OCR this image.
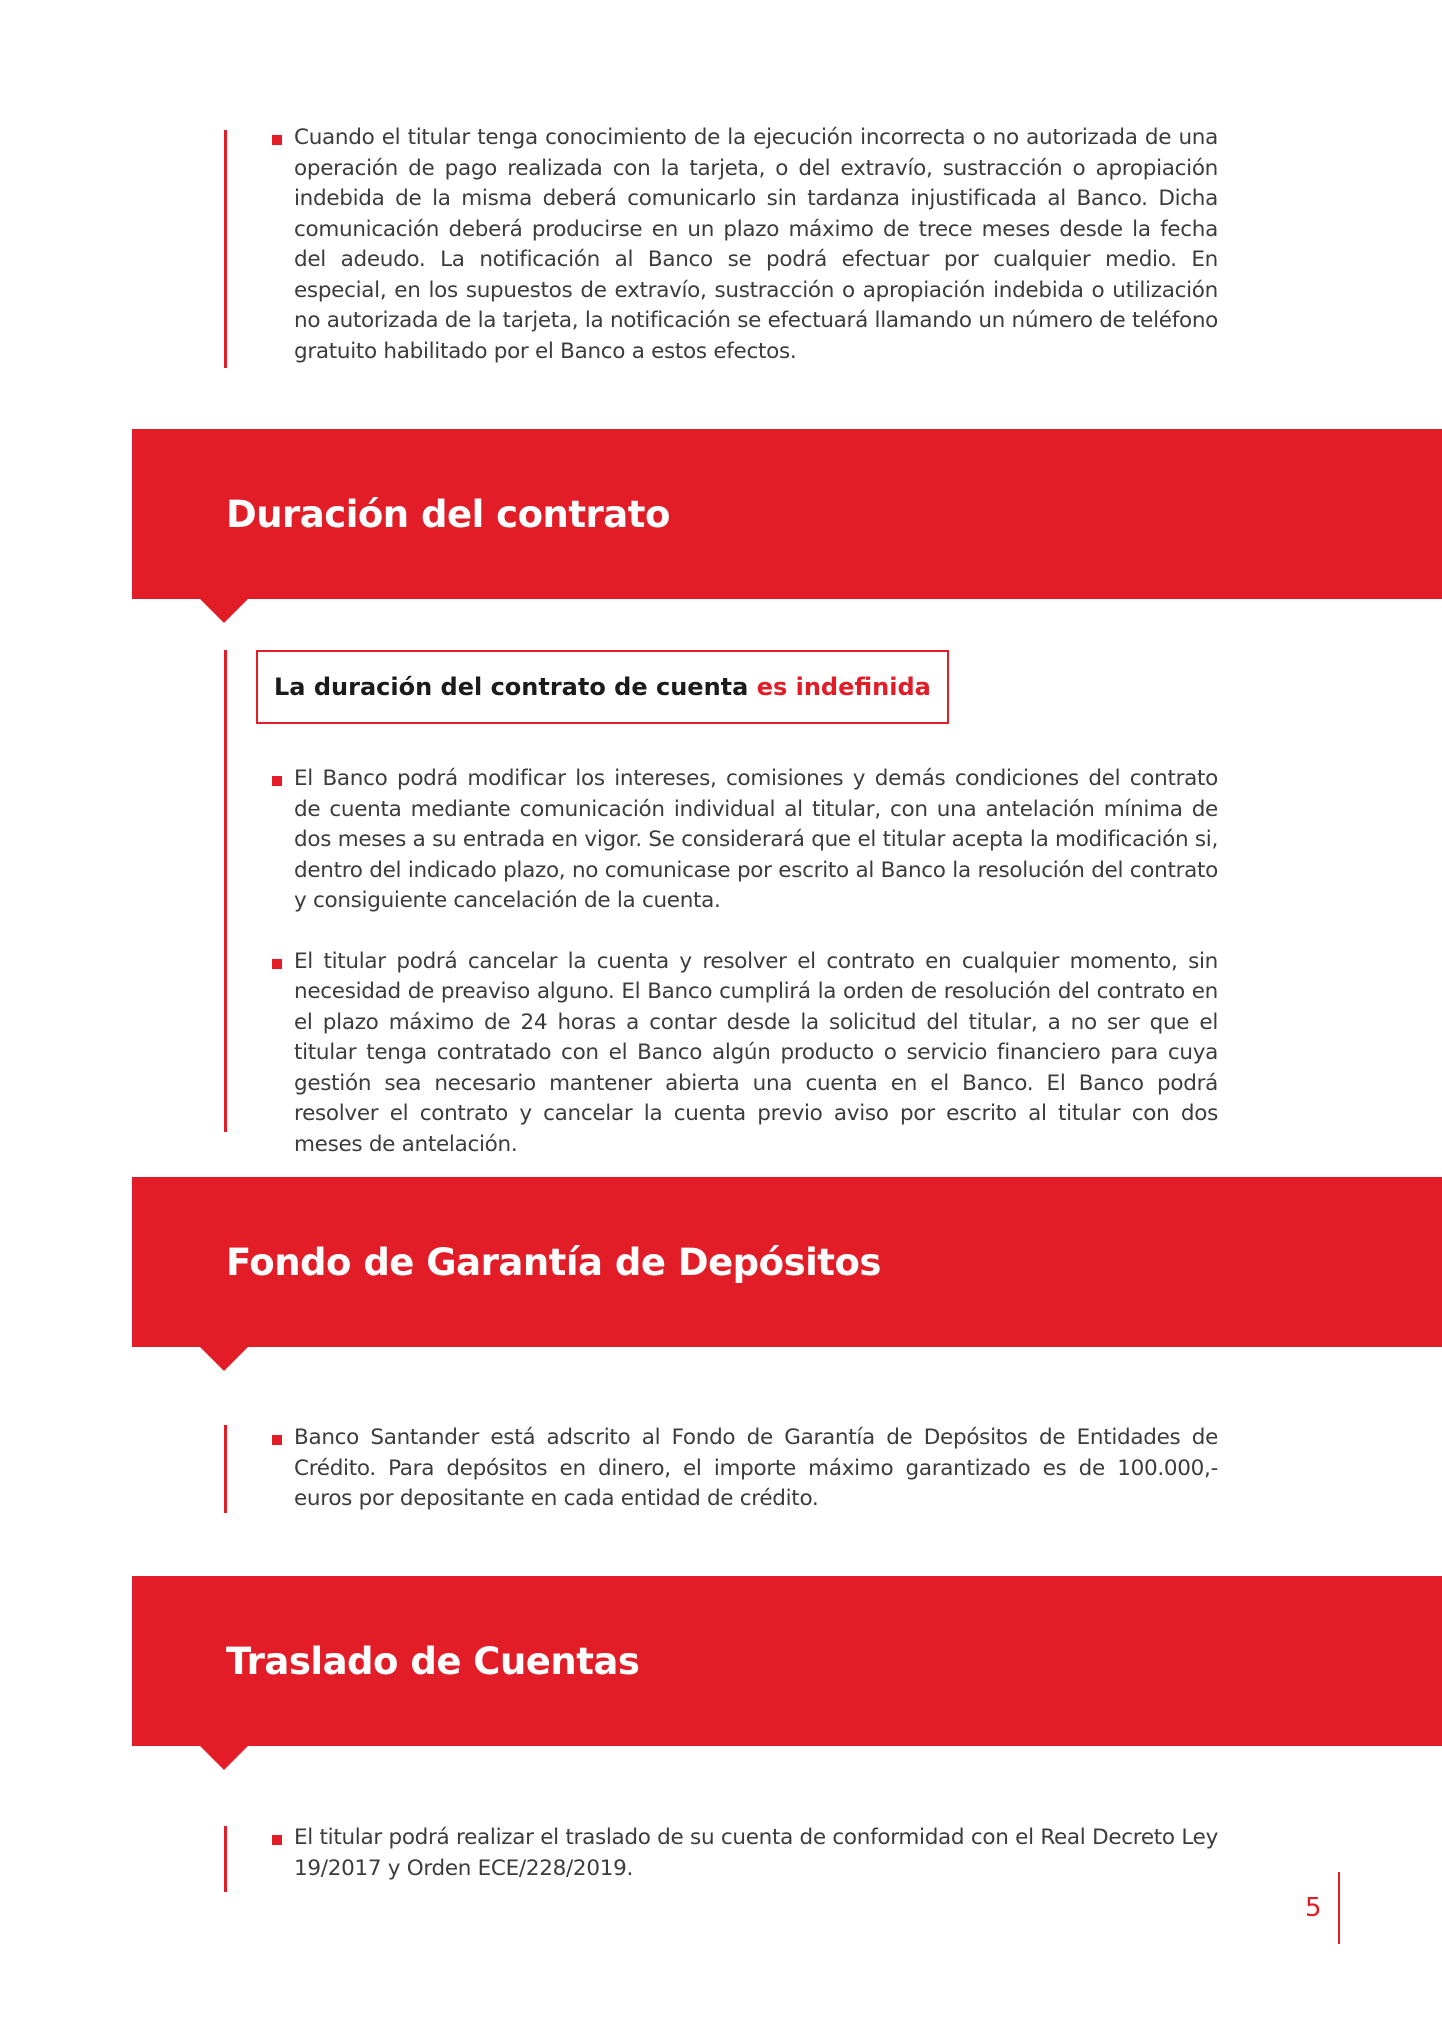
Cuando el titular tenga conocimiento de la ejecución incorrecta o no autorizada de una operación de pago realizada con la tarjeta, o del extravío, sustracción o apropiación indebida de la misma deberá comunicarlo sin tardanza injustificada al Banco. Dicha comunicación deberá producirse en un plazo máximo de trece meses desde la fecha del adeudo. La notificación al Banco se podrá efectuar por cualquier medio. En especial, en los supuestos de extravío, sustracción o apropiación indebida o utilización no autorizada de la tarjeta, la notificación se efectuará llamando un número de teléfono gratuito habilitado por el Banco a estos efectos.

Duración del contrato
La duración del contrato de cuenta es indefinida

El Banco podrá modificar los intereses, comisiones y demás condiciones del contrato de cuenta mediante comunicación individual al titular, con una antelación mínima de dos meses a su entrada en vigor. Se considerará que el titular acepta la modificación si, dentro del indicado plazo, no comunicase por escrito al Banco la resolución del contrato y consiguiente cancelación de la cuenta.

El titular podrá cancelar la cuenta y resolver el contrato en cualquier momento, sin necesidad de preaviso alguno. El Banco cumplirá la orden de resolución del contrato en el plazo máximo de 24 horas a contar desde la solicitud del titular, a no ser que el titular tenga contratado con el Banco algún producto o servicio financiero para cuya gestión sea necesario mantener abierta una cuenta en el Banco. El Banco podrá resolver el contrato y cancelar la cuenta previo aviso por escrito al titular con dos meses de antelación.

Fondo de Garantía de Depósitos

Banco Santander está adscrito al Fondo de Garantía de Depósitos de Entidades de Crédito. Para depósitos en dinero, el importe máximo garantizado es de 100.000,- euros por depositante en cada entidad de crédito.

Traslado de Cuentas

El titular podrá realizar el traslado de su cuenta de conformidad con el Real Decreto Ley 19/2017 y Orden ECE/228/2019.

5
